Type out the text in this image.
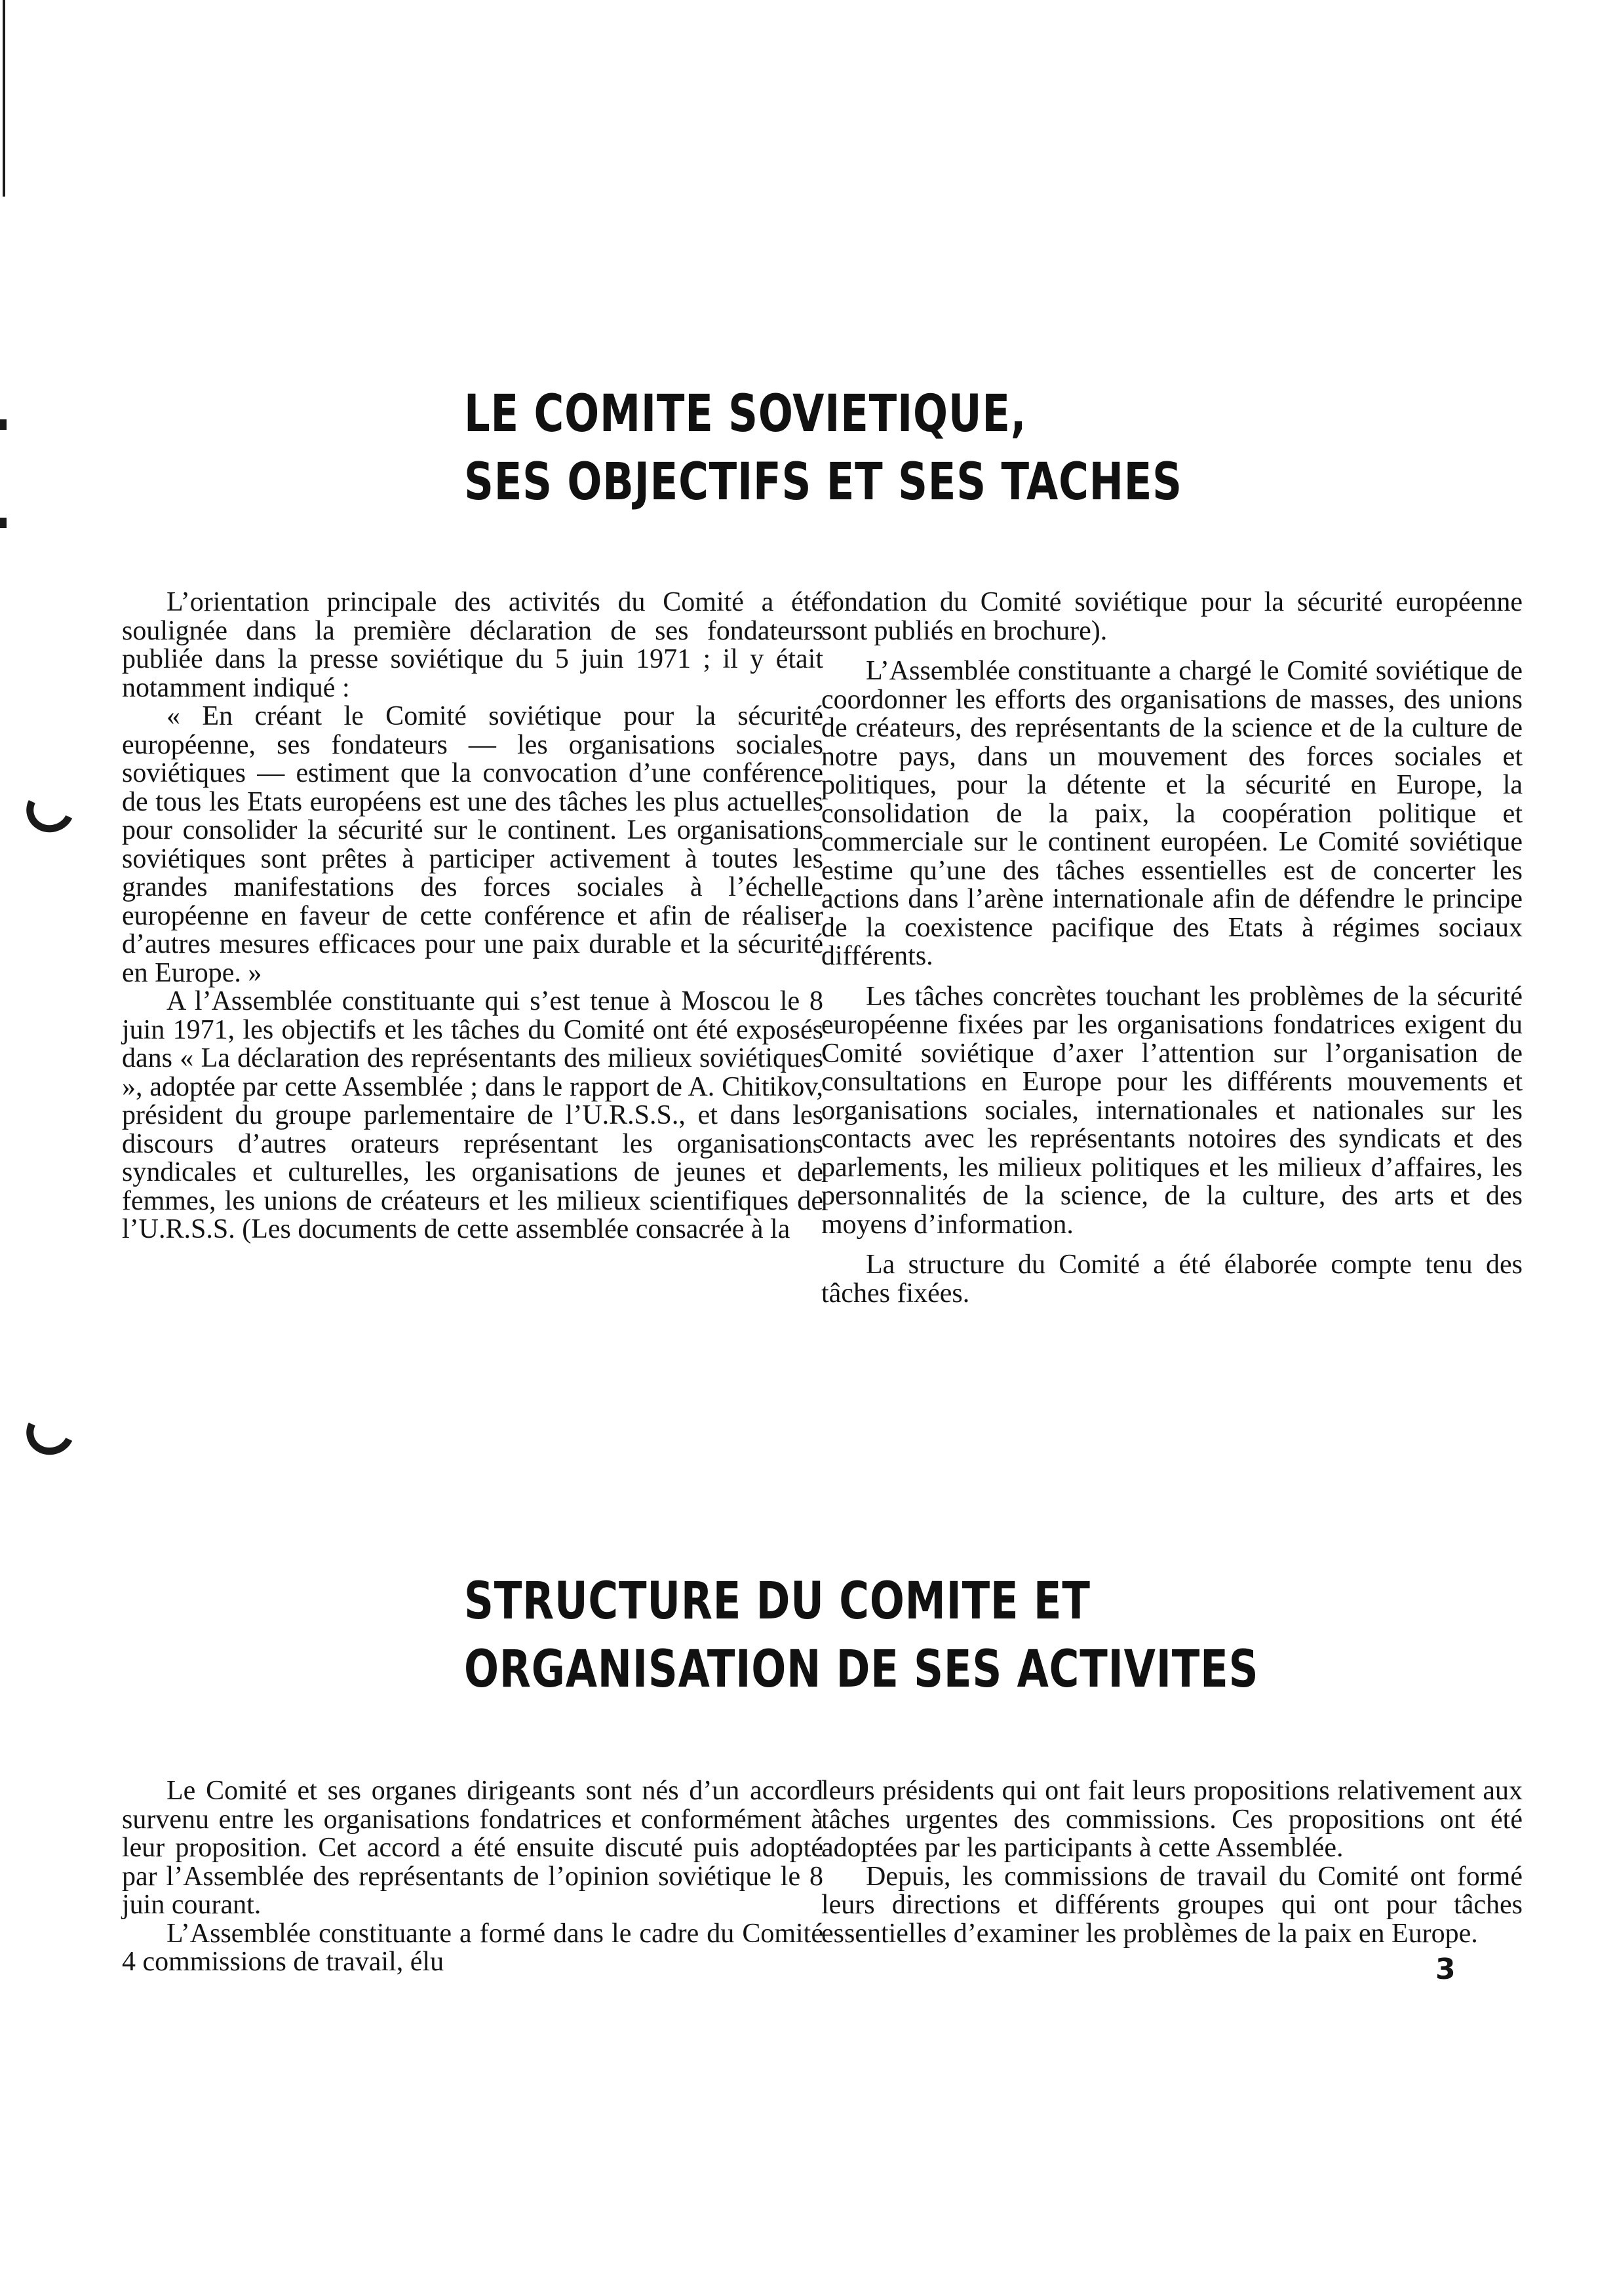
LE COMITE SOVIETIQUE,
SES OBJECTIFS ET SES TACHES

L’orientation principale des activités du Comité a été soulignée dans la première déclaration de ses fondateurs publiée dans la presse soviétique du 5 juin 1971 ; il y était notamment indiqué :

« En créant le Comité soviétique pour la sécurité européenne, ses fondateurs — les organisations sociales soviétiques — estiment que la convocation d’une conférence de tous les Etats européens est une des tâches les plus actuelles pour consolider la sécurité sur le continent. Les organisations soviétiques sont prêtes à participer activement à toutes les grandes manifestations des forces sociales à l’échelle européenne en faveur de cette conférence et afin de réaliser d’autres mesures efficaces pour une paix durable et la sécurité en Europe. »

A l’Assemblée constituante qui s’est tenue à Moscou le 8 juin 1971, les objectifs et les tâches du Comité ont été exposés dans « La déclaration des représentants des milieux soviétiques », adoptée par cette Assemblée ; dans le rapport de A. Chitikov, président du groupe parlementaire de l’U.R.S.S., et dans les discours d’autres orateurs représentant les organisations syndicales et culturelles, les organisations de jeunes et de femmes, les unions de créateurs et les milieux scientifiques de l’U.R.S.S. (Les documents de cette assemblée consacrée à la

fondation du Comité soviétique pour la sécurité européenne sont publiés en brochure).

L’Assemblée constituante a chargé le Comité soviétique de coordonner les efforts des organisations de masses, des unions de créateurs, des représentants de la science et de la culture de notre pays, dans un mouvement des forces sociales et politiques, pour la détente et la sécurité en Europe, la consolidation de la paix, la coopération politique et commerciale sur le continent européen. Le Comité soviétique estime qu’une des tâches essentielles est de concerter les actions dans l’arène internationale afin de défendre le principe de la coexistence pacifique des Etats à régimes sociaux différents.

Les tâches concrètes touchant les problèmes de la sécurité européenne fixées par les organisations fondatrices exigent du Comité soviétique d’axer l’attention sur l’organisation de consultations en Europe pour les différents mouvements et organisations sociales, internationales et nationales sur les contacts avec les représentants notoires des syndicats et des parlements, les milieux politiques et les milieux d’affaires, les personnalités de la science, de la culture, des arts et des moyens d’information.

La structure du Comité a été élaborée compte tenu des tâches fixées.

STRUCTURE DU COMITE ET
ORGANISATION DE SES ACTIVITES

Le Comité et ses organes dirigeants sont nés d’un accord survenu entre les organisations fondatrices et conformément à leur proposition. Cet accord a été ensuite discuté puis adopté par l’Assemblée des représentants de l’opinion soviétique le 8 juin courant.

L’Assemblée constituante a formé dans le cadre du Comité 4 commissions de travail, élu

leurs présidents qui ont fait leurs propositions relativement aux tâches urgentes des commissions. Ces propositions ont été adoptées par les participants à cette Assemblée.

Depuis, les commissions de travail du Comité ont formé leurs directions et différents groupes qui ont pour tâches essentielles d’examiner les problèmes de la paix en Europe.

3
